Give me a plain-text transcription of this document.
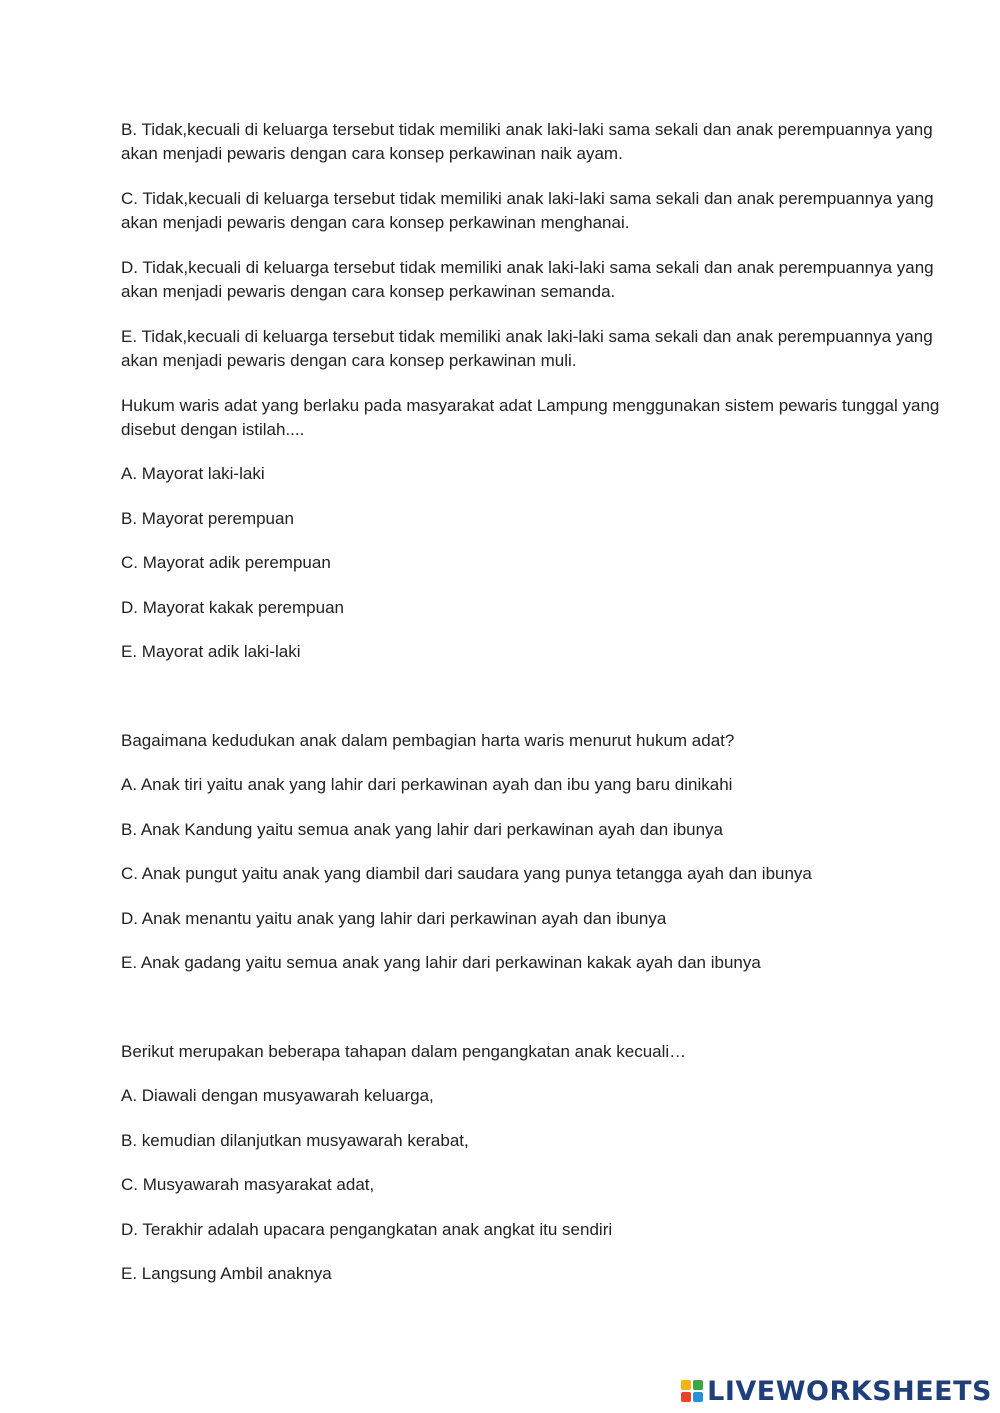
B. Tidak,kecuali di keluarga tersebut tidak memiliki anak laki-laki sama sekali dan anak perempuannya yang akan menjadi pewaris dengan cara konsep perkawinan naik ayam.

C. Tidak,kecuali di keluarga tersebut tidak memiliki anak laki-laki sama sekali dan anak perempuannya yang akan menjadi pewaris dengan cara konsep perkawinan menghanai.

D. Tidak,kecuali di keluarga tersebut tidak memiliki anak laki-laki sama sekali dan anak perempuannya yang akan menjadi pewaris dengan cara konsep perkawinan semanda.

E. Tidak,kecuali di keluarga tersebut tidak memiliki anak laki-laki sama sekali dan anak perempuannya yang akan menjadi pewaris dengan cara konsep perkawinan muli.

Hukum waris adat yang berlaku pada masyarakat adat Lampung menggunakan sistem pewaris tunggal yang disebut dengan istilah....

A. Mayorat laki-laki

B. Mayorat perempuan

C. Mayorat adik perempuan

D. Mayorat kakak perempuan

E. Mayorat adik laki-laki

Bagaimana kedudukan anak dalam pembagian harta waris menurut hukum adat?

A. Anak tiri yaitu anak yang lahir dari perkawinan ayah dan ibu yang baru dinikahi

B. Anak Kandung yaitu semua anak yang lahir dari perkawinan ayah dan ibunya

C. Anak pungut yaitu anak yang diambil dari saudara yang punya tetangga ayah dan ibunya

D. Anak menantu yaitu anak yang lahir dari perkawinan ayah dan ibunya

E. Anak gadang yaitu semua anak yang lahir dari perkawinan kakak ayah dan ibunya

Berikut merupakan beberapa tahapan dalam pengangkatan anak kecuali…

A. Diawali dengan musyawarah keluarga,

B. kemudian dilanjutkan musyawarah kerabat,

C. Musyawarah masyarakat adat,

D. Terakhir adalah upacara pengangkatan anak angkat itu sendiri

E. Langsung Ambil anaknya

LIVEWORKSHEETS
